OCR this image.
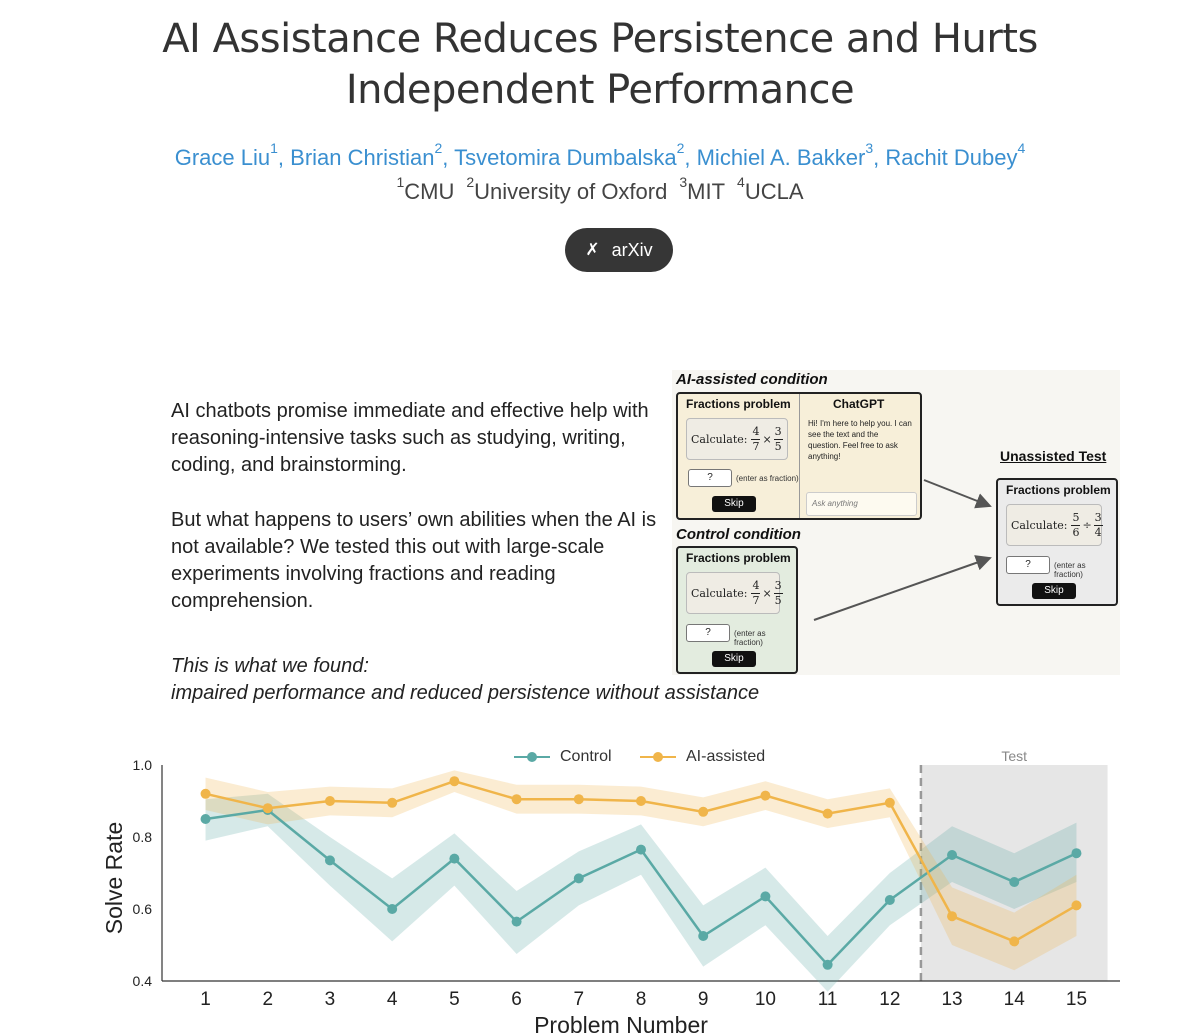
AI Assistance Reduces Persistence and Hurts
Independent Performance
Grace Liu$^1$, Brian Christian$^2$, Tsvetomira Dumbalska$^2$, Michiel A. Bakker$^3$, Rachit Dubey$^4$
$^1$CMU $^2$University of Oxford $^3$MIT $^4$UCLA
✗ arXiv
AI chatbots promise immediate and effective help with reasoning-intensive tasks such as studying, writing, coding, and brainstorming.
But what happens to users’ own abilities when the AI is not available? We tested this out with large-scale experiments involving fractions and reading comprehension.
This is what we found:
impaired performance and reduced persistence without assistance
AI-assisted condition
Fractions problem
Calculate: $\frac{4}{7} \times \frac{3}{5}$
?	(enter as fraction)
Skip
ChatGPT
Hi! I'm here to help you. I can see the text and the question. Feel free to ask anything!
Ask anything
Control condition
Fractions problem
Calculate: $\frac{4}{7} \times \frac{3}{5}$
?	(enter as fraction)
Skip
Unassisted Test
Fractions problem
Calculate: $\frac{5}{6} \div \frac{3}{4}$
?	(enter as fraction)
Skip
Control	AI-assisted	Test
0.4
0.6
0.8
1.0
1	2	3	4	5	6	7	8	9 10 11 12 13 14 15
Problem Number
Solve Rate
